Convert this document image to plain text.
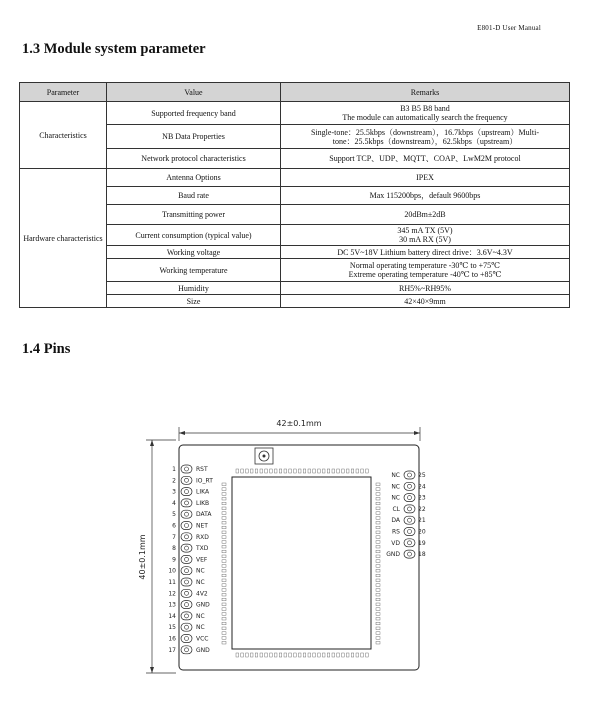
E801-D User Manual
1.3 Module system parameter
Parameter	Value	Remarks
Characteristics	Supported frequency band	B3 B5 B8 band
The module can automatically search the frequency

	NB Data Properties	Single-tone：25.5kbps（downstream），16.7kbps（upstream）Multi-
tone：25.5kbps（downstream），62.5kbps（upstream）

	Network protocol characteristics	Support TCP、UDP、MQTT、COAP、LwM2M protocol
Hardware characteristics	Antenna Options	IPEX
	Baud rate	Max 115200bps，default 9600bps
	Transmitting power	20dBm±2dB
	Current consumption (typical value)	345 mA TX (5V)
30 mA RX (5V)

	Working voltage	DC 5V~18V Lithium battery direct drive：3.6V~4.3V
	Working temperature	Normal operating temperature -30℃ to +75℃
Extreme operating temperature -40℃ to +85℃

	Humidity	RH5%~RH95%
	Size	42×40×9mm
1.4 Pins
42±0.1mm
40±0.1mm
1	RST
2	IO_RT
3	LIKA
4	LIKB
5	DATA
6	NET
7	RXD
8	TXD
9	VEF
10	NC
11	NC
12	4V2
13	GND
14	NC
15	NC
16	VCC
17	GND
NC	25
NC	24
NC	23
CL	22
DA	21
RS	20
VD	19
GND	18
